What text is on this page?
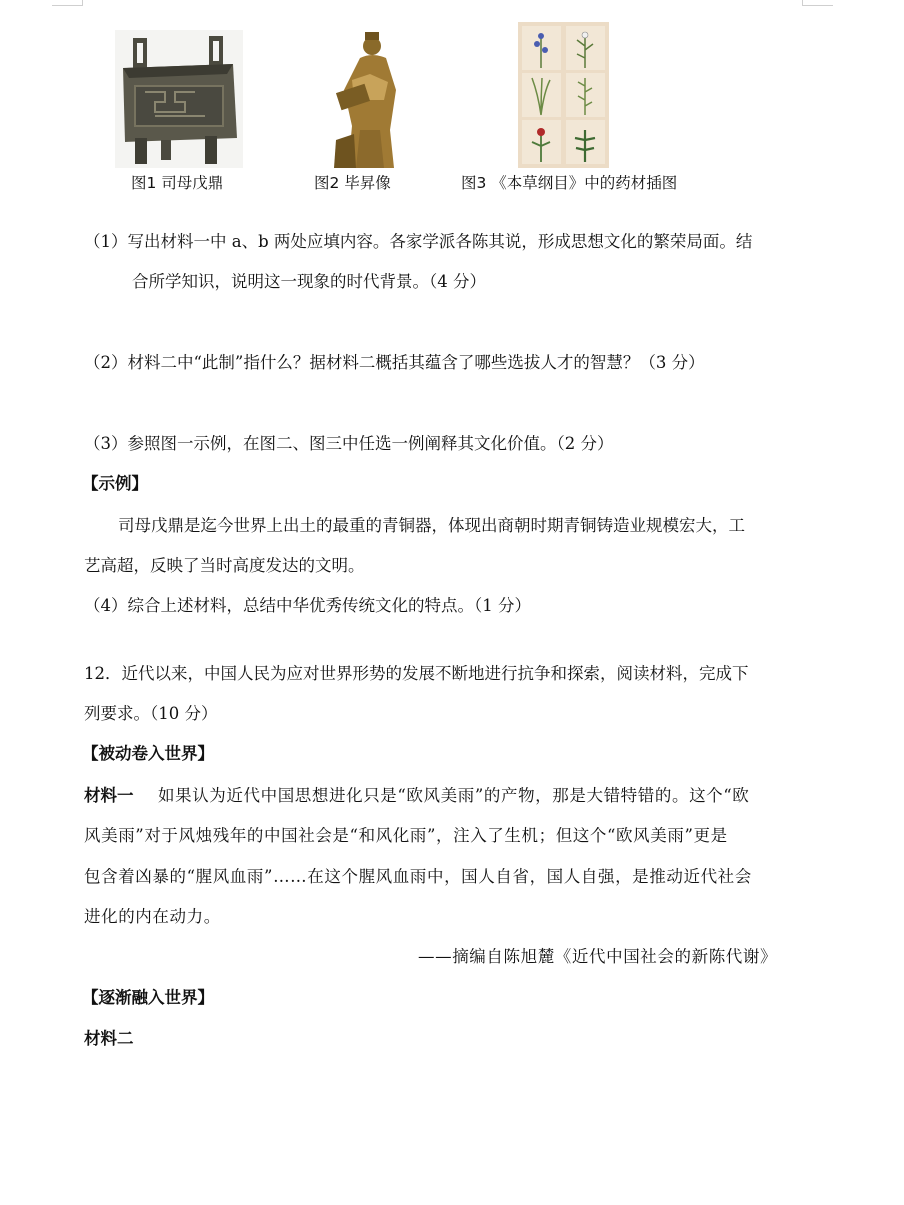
图1 司母戊鼎	图2 毕昇像	图3 《本草纲目》中的药材插图
（1）写出材料一中 a、b 两处应填内容。各家学派各陈其说，形成思想文化的繁荣局面。结
合所学知识，说明这一现象的时代背景。（4 分）
（2）材料二中“此制”指什么？据材料二概括其蕴含了哪些选拔人才的智慧？（3 分）
（3）参照图一示例，在图二、图三中任选一例阐释其文化价值。（2 分）
【示例】
司母戊鼎是迄今世界上出土的最重的青铜器，体现出商朝时期青铜铸造业规模宏大，工
艺高超，反映了当时高度发达的文明。
（4）综合上述材料，总结中华优秀传统文化的特点。（1 分）
12．近代以来，中国人民为应对世界形势的发展不断地进行抗争和探索，阅读材料，完成下
列要求。（10 分）
【被动卷入世界】
材料一 如果认为近代中国思想进化只是“欧风美雨”的产物，那是大错特错的。这个“欧
风美雨”对于风烛残年的中国社会是“和风化雨”，注入了生机；但这个“欧风美雨”更是
包含着凶暴的“腥风血雨”……在这个腥风血雨中，国人自省，国人自强，是推动近代社会
进化的内在动力。
——摘编自陈旭麓《近代中国社会的新陈代谢》
【逐渐融入世界】
材料二
